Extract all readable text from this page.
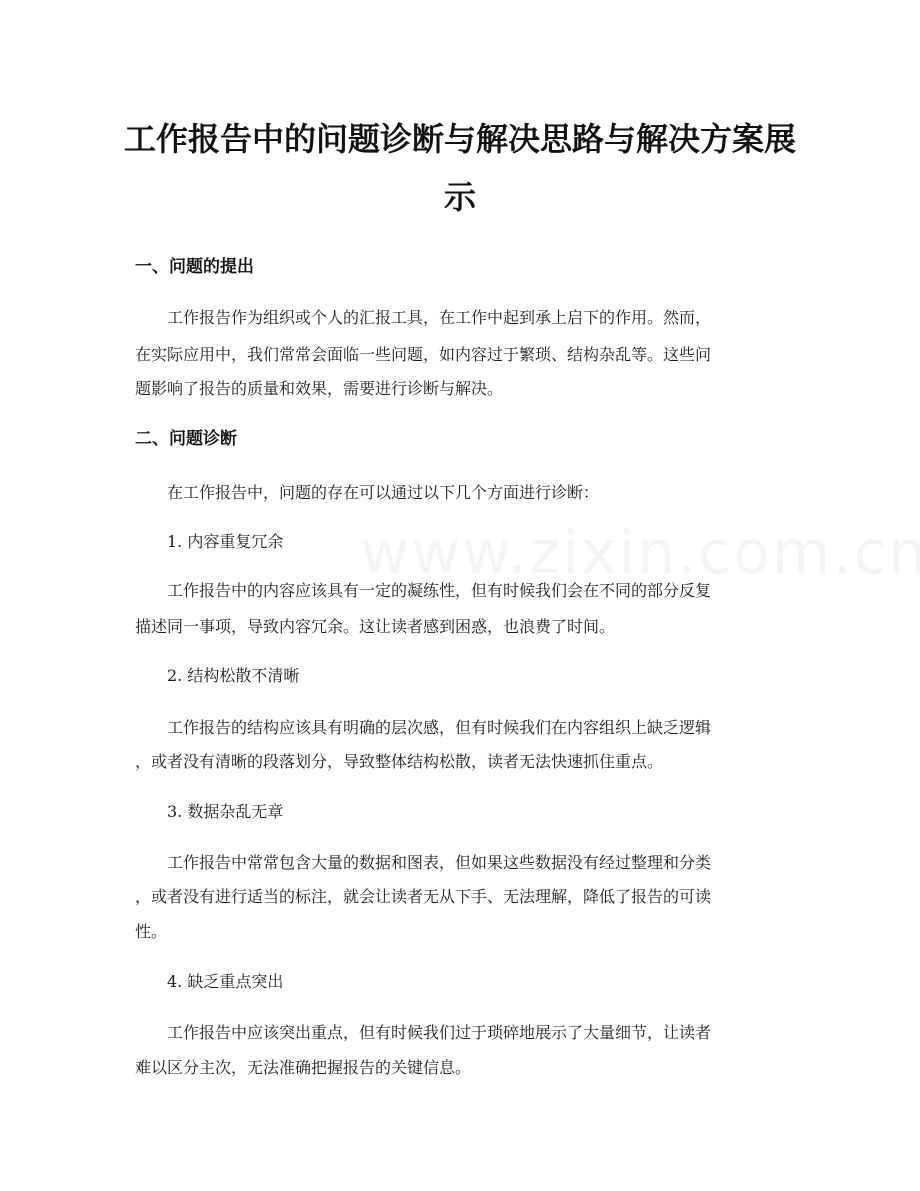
工作报告中的问题诊断与解决思路与解决方案展示
一、问题的提出
工作报告作为组织或个人的汇报工具，在工作中起到承上启下的作用。然而，
在实际应用中，我们常常会面临一些问题，如内容过于繁琐、结构杂乱等。这些问
题影响了报告的质量和效果，需要进行诊断与解决。
二、问题诊断
在工作报告中，问题的存在可以通过以下几个方面进行诊断：
1. 内容重复冗余
工作报告中的内容应该具有一定的凝练性，但有时候我们会在不同的部分反复
描述同一事项，导致内容冗余。这让读者感到困惑，也浪费了时间。
2. 结构松散不清晰
工作报告的结构应该具有明确的层次感，但有时候我们在内容组织上缺乏逻辑
，或者没有清晰的段落划分，导致整体结构松散，读者无法快速抓住重点。
3. 数据杂乱无章
工作报告中常常包含大量的数据和图表，但如果这些数据没有经过整理和分类
，或者没有进行适当的标注，就会让读者无从下手、无法理解，降低了报告的可读
性。
4. 缺乏重点突出
工作报告中应该突出重点，但有时候我们过于琐碎地展示了大量细节，让读者
难以区分主次，无法准确把握报告的关键信息。
